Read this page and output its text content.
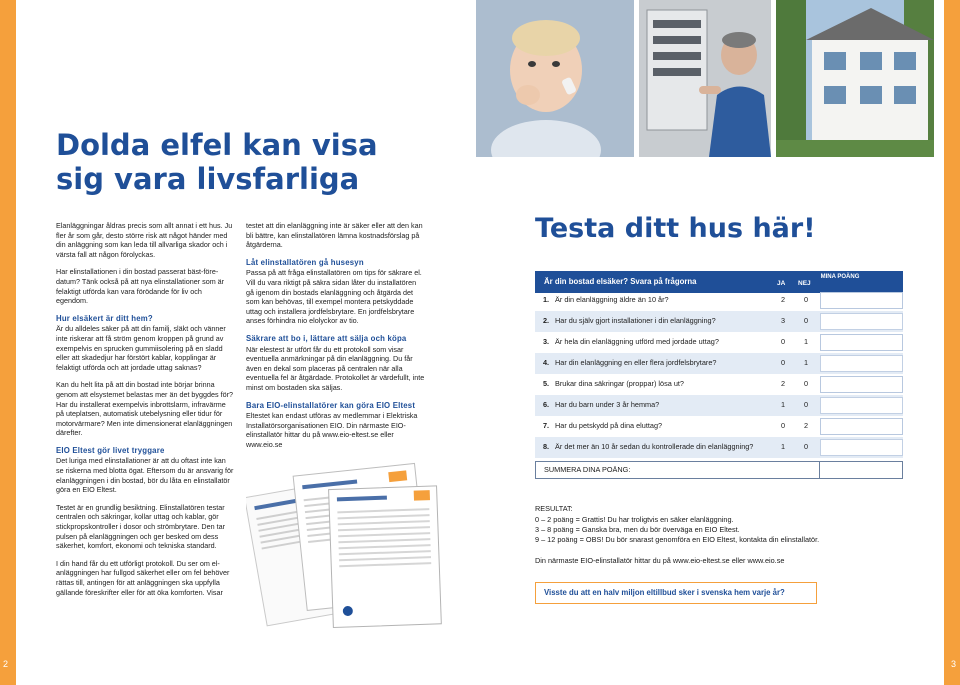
2	3
Dolda elfel kan visa
sig vara livsfarliga

Elanläggningar åldras precis som allt annat i ett hus. Ju fler år som går, desto större risk att något händer med din anläggning som kan leda till allvarliga skador och i värsta fall att någon förolyckas.

Har elinstallationen i din bostad passerat bäst-före-datum? Tänk också på att nya elinstallationer som är felaktigt utförda kan vara förödande för liv och egendom.

Hur elsäkert är ditt hem?

Är du alldeles säker på att din familj, släkt och vänner inte riskerar att få ström genom kroppen på grund av exempelvis en sprucken gummiisolering på en sladd eller att skadedjur har förstört kablar, kopplingar är felaktigt utförda och att jordade uttag saknas?

Kan du helt lita på att din bostad inte börjar brinna genom att elsystemet belastas mer än det byggdes för? Har du installerat exempelvis inbrottslarm, infravärme på uteplatsen, automatisk utebelysning eller tidur för motorvärmare? Men inte dimensionerat elanläggningen därefter.

EIO Eltest gör livet tryggare

Det luriga med elinstallationer är att du oftast inte kan se riskerna med blotta ögat. Eftersom du är ansvarig för elanläggningen i din bostad, bör du låta en elinstallatör göra en EIO Eltest.

Testet är en grundlig besiktning. Elinstallatören testar centralen och säkringar, kollar uttag och kablar, gör stickpropskontroller i dosor och strömbrytare. Den tar pulsen på elanläggningen och ger besked om dess säkerhet, komfort, ekonomi och tekniska standard.

I din hand får du ett utförligt protokoll. Du ser om el-anläggningen har fullgod säkerhet eller om fel behöver rättas till, antingen för att anläggningen ska uppfylla gällande föreskrifter eller för att öka komforten. Visar

testet att din elanläggning inte är säker eller att den kan bli bättre, kan elinstallatören lämna kostnadsförslag på åtgärderna.

Låt elinstallatören gå husesyn

Passa på att fråga elinstallatören om tips för säkrare el. Vill du vara riktigt på säkra sidan låter du installatören gå igenom din bostads elanläggning och åtgärda det som kan behövas, till exempel montera petskyddade uttag och installera jordfelsbrytare. En jordfelsbrytare anses förhindra nio elolyckor av tio.

Säkrare att bo i, lättare att sälja och köpa

När elestest är utfört får du ett protokoll som visar eventuella anmärkningar på din elanläggning. Du får även en dekal som placeras på centralen när alla eventuella fel är åtgärdade. Protokollet är värdefullt, inte minst om bostaden ska säljas.

Bara EIO-elinstallatörer kan göra EIO Eltest

Eltestet kan endast utföras av medlemmar i Elektriska Installatörsorganisationen EIO. Din närmaste EIO-elinstallatör hittar du på www.eio-eltest.se eller www.eio.se

Testa ditt hus här!
Är din bostad elsäker? Svara på frågorna	JA NEJ
MINA POÄNG
1. Är din elanläggning äldre än 10 år?	2	0
2. Har du själv gjort installationer i din elanläggning?	3	0
3. Är hela din elanläggning utförd med jordade uttag?	0	1
4. Har din elanläggning en eller flera jordfelsbrytare?	0	1
5. Brukar dina säkringar (proppar) lösa ut?	2	0
6. Har du barn under 3 år hemma?	1	0
7. Har du petskydd på dina eluttag?	0	2
8. Är det mer än 10 år sedan du kontrollerade din elanläggning?	1	0
SUMMERA DINA POÄNG:
RESULTAT:
0 – 2 poäng = Grattis! Du har troligtvis en säker elanläggning.
3 – 8 poäng = Ganska bra, men du bör överväga en EIO Eltest.
9 – 12 poäng = OBS! Du bör snarast genomföra en EIO Eltest, kontakta din elinstallatör.
Din närmaste EIO-elinstallatör hittar du på www.eio-eltest.se eller www.eio.se
Visste du att en halv miljon eltillbud sker i svenska hem varje år?
